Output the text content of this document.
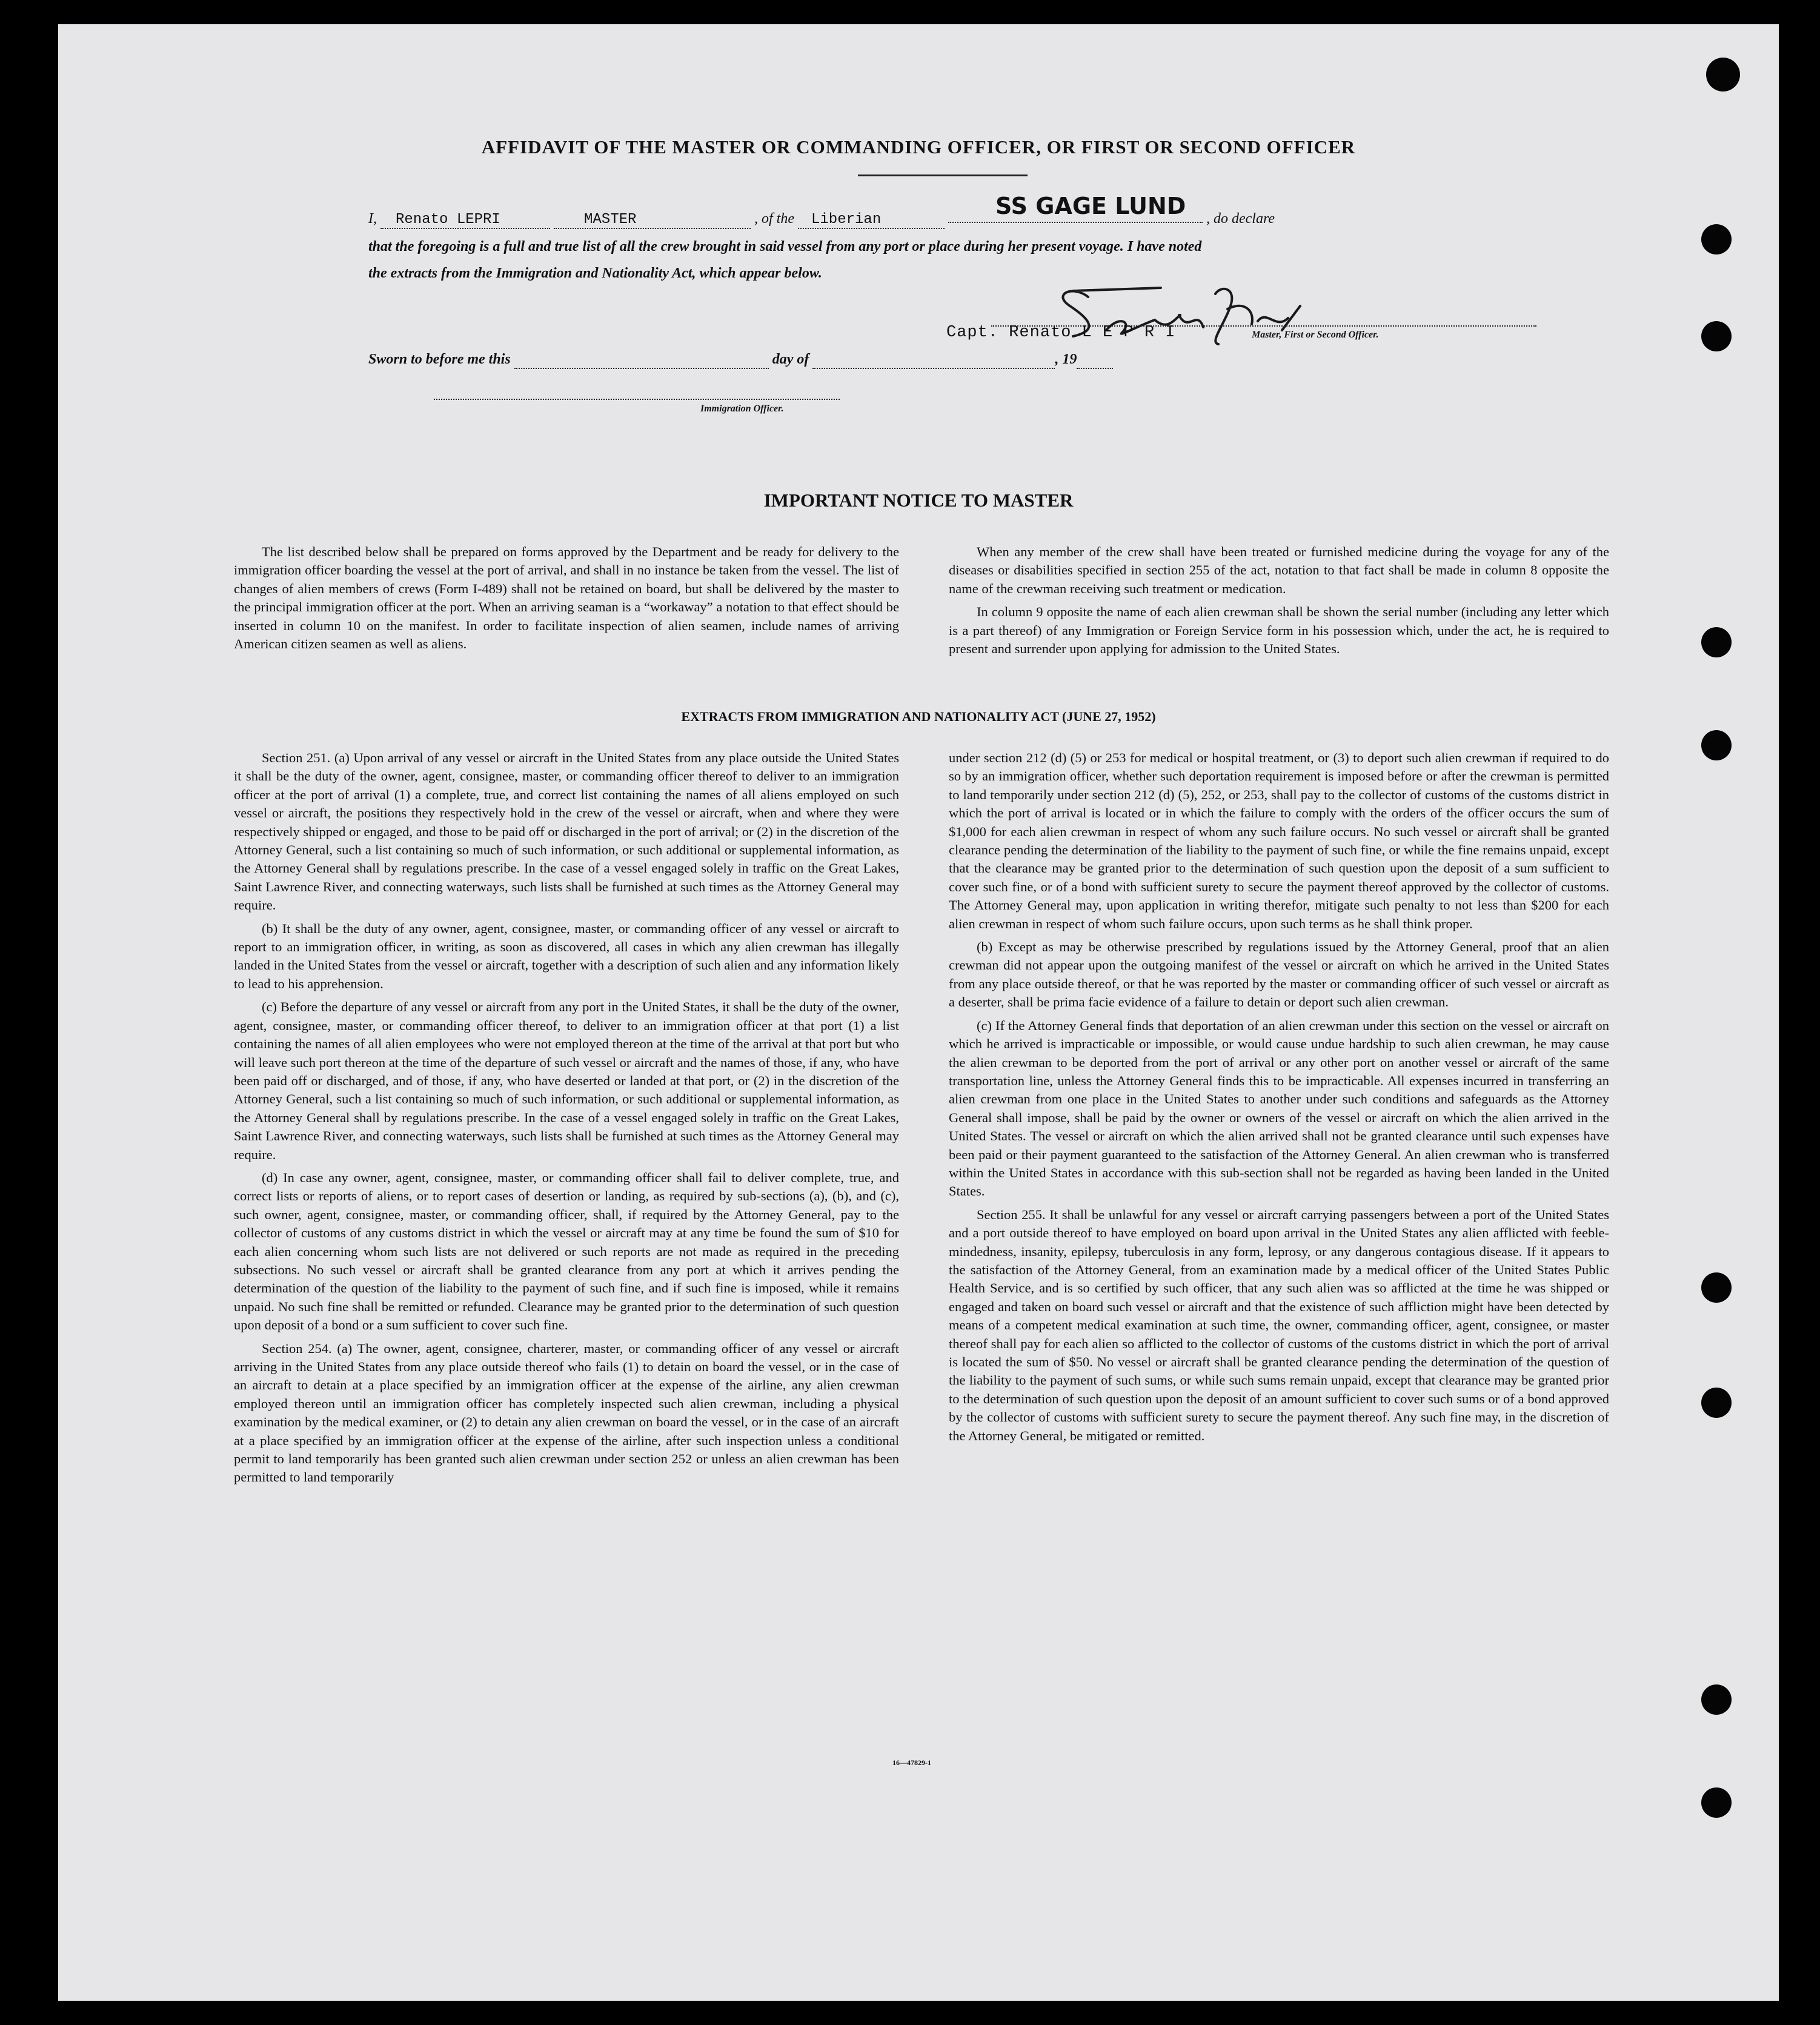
AFFIDAVIT OF THE MASTER OR COMMANDING OFFICER, OR FIRST OR SECOND OFFICER
I, Renato LEPRI	MASTER	, of the Liberian
SS GAGE LUND , do declare
that the foregoing is a full and true list of all the crew brought in said vessel from any port or place during her present voyage. I have noted
the extracts from the Immigration and Nationality Act, which appear below.
Capt. Renato L E P R I	Master, First or Second Officer.
Sworn to before me this	day of	, 19
Immigration Officer.
IMPORTANT NOTICE TO MASTER

The list described below shall be prepared on forms approved by the Department and be ready for delivery to the immigration officer boarding the vessel at the port of arrival, and shall in no instance be taken from the vessel. The list of changes of alien members of crews (Form I-489) shall not be retained on board, but shall be delivered by the master to the principal immigration officer at the port. When an arriving seaman is a “workaway” a notation to that effect should be inserted in column 10 on the manifest. In order to facilitate inspection of alien seamen, include names of arriving American citizen seamen as well as aliens.

When any member of the crew shall have been treated or furnished medicine during the voyage for any of the diseases or disabilities specified in section 255 of the act, notation to that fact shall be made in column 8 opposite the name of the crewman receiving such treatment or medication.

In column 9 opposite the name of each alien crewman shall be shown the serial number (including any letter which is a part thereof) of any Immigration or Foreign Service form in his possession which, under the act, he is required to present and surrender upon applying for admission to the United States.

EXTRACTS FROM IMMIGRATION AND NATIONALITY ACT (JUNE 27, 1952)

Section 251. (a) Upon arrival of any vessel or aircraft in the United States from any place outside the United States it shall be the duty of the owner, agent, consignee, master, or commanding officer thereof to deliver to an immigration officer at the port of arrival (1) a complete, true, and correct list containing the names of all aliens employed on such vessel or aircraft, the positions they respectively hold in the crew of the vessel or aircraft, when and where they were respectively shipped or engaged, and those to be paid off or discharged in the port of arrival; or (2) in the discretion of the Attorney General, such a list containing so much of such information, or such additional or supplemental information, as the Attorney General shall by regulations prescribe. In the case of a vessel engaged solely in traffic on the Great Lakes, Saint Lawrence River, and connecting waterways, such lists shall be furnished at such times as the Attorney General may require.

(b) It shall be the duty of any owner, agent, consignee, master, or commanding officer of any vessel or aircraft to report to an immigration officer, in writing, as soon as discovered, all cases in which any alien crewman has illegally landed in the United States from the vessel or aircraft, together with a description of such alien and any information likely to lead to his apprehension.

(c) Before the departure of any vessel or aircraft from any port in the United States, it shall be the duty of the owner, agent, consignee, master, or commanding officer thereof, to deliver to an immigration officer at that port (1) a list containing the names of all alien employees who were not employed thereon at the time of the arrival at that port but who will leave such port thereon at the time of the departure of such vessel or aircraft and the names of those, if any, who have been paid off or discharged, and of those, if any, who have deserted or landed at that port, or (2) in the discretion of the Attorney General, such a list containing so much of such information, or such additional or supplemental information, as the Attorney General shall by regulations prescribe. In the case of a vessel engaged solely in traffic on the Great Lakes, Saint Lawrence River, and connecting waterways, such lists shall be furnished at such times as the Attorney General may require.

(d) In case any owner, agent, consignee, master, or commanding officer shall fail to deliver complete, true, and correct lists or reports of aliens, or to report cases of desertion or landing, as required by sub-sections (a), (b), and (c), such owner, agent, consignee, master, or commanding officer, shall, if required by the Attorney General, pay to the collector of customs of any customs district in which the vessel or aircraft may at any time be found the sum of $10 for each alien concerning whom such lists are not delivered or such reports are not made as required in the preceding subsections. No such vessel or aircraft shall be granted clearance from any port at which it arrives pending the determination of the question of the liability to the payment of such fine, and if such fine is imposed, while it remains unpaid. No such fine shall be remitted or refunded. Clearance may be granted prior to the determination of such question upon deposit of a bond or a sum sufficient to cover such fine.

Section 254. (a) The owner, agent, consignee, charterer, master, or commanding officer of any vessel or aircraft arriving in the United States from any place outside thereof who fails (1) to detain on board the vessel, or in the case of an aircraft to detain at a place specified by an immigration officer at the expense of the airline, any alien crewman employed thereon until an immigration officer has completely inspected such alien crewman, including a physical examination by the medical examiner, or (2) to detain any alien crewman on board the vessel, or in the case of an aircraft at a place specified by an immigration officer at the expense of the airline, after such inspection unless a conditional permit to land temporarily has been granted such alien crewman under section 252 or unless an alien crewman has been permitted to land temporarily

under section 212 (d) (5) or 253 for medical or hospital treatment, or (3) to deport such alien crewman if required to do so by an immigration officer, whether such deportation requirement is imposed before or after the crewman is permitted to land temporarily under section 212 (d) (5), 252, or 253, shall pay to the collector of customs of the customs district in which the port of arrival is located or in which the failure to comply with the orders of the officer occurs the sum of $1,000 for each alien crewman in respect of whom any such failure occurs. No such vessel or aircraft shall be granted clearance pending the determination of the liability to the payment of such fine, or while the fine remains unpaid, except that the clearance may be granted prior to the determination of such question upon the deposit of a sum sufficient to cover such fine, or of a bond with sufficient surety to secure the payment thereof approved by the collector of customs. The Attorney General may, upon application in writing therefor, mitigate such penalty to not less than $200 for each alien crewman in respect of whom such failure occurs, upon such terms as he shall think proper.

(b) Except as may be otherwise prescribed by regulations issued by the Attorney General, proof that an alien crewman did not appear upon the outgoing manifest of the vessel or aircraft on which he arrived in the United States from any place outside thereof, or that he was reported by the master or commanding officer of such vessel or aircraft as a deserter, shall be prima facie evidence of a failure to detain or deport such alien crewman.

(c) If the Attorney General finds that deportation of an alien crewman under this section on the vessel or aircraft on which he arrived is impracticable or impossible, or would cause undue hardship to such alien crewman, he may cause the alien crewman to be deported from the port of arrival or any other port on another vessel or aircraft of the same transportation line, unless the Attorney General finds this to be impracticable. All expenses incurred in transferring an alien crewman from one place in the United States to another under such conditions and safeguards as the Attorney General shall impose, shall be paid by the owner or owners of the vessel or aircraft on which the alien arrived in the United States. The vessel or aircraft on which the alien arrived shall not be granted clearance until such expenses have been paid or their payment guaranteed to the satisfaction of the Attorney General. An alien crewman who is transferred within the United States in accordance with this sub-section shall not be regarded as having been landed in the United States.

Section 255. It shall be unlawful for any vessel or aircraft carrying passengers between a port of the United States and a port outside thereof to have employed on board upon arrival in the United States any alien afflicted with feeble-mindedness, insanity, epilepsy, tuberculosis in any form, leprosy, or any dangerous contagious disease. If it appears to the satisfaction of the Attorney General, from an examination made by a medical officer of the United States Public Health Service, and is so certified by such officer, that any such alien was so afflicted at the time he was shipped or engaged and taken on board such vessel or aircraft and that the existence of such affliction might have been detected by means of a competent medical examination at such time, the owner, commanding officer, agent, consignee, or master thereof shall pay for each alien so afflicted to the collector of customs of the customs district in which the port of arrival is located the sum of $50. No vessel or aircraft shall be granted clearance pending the determination of the question of the liability to the payment of such sums, or while such sums remain unpaid, except that clearance may be granted prior to the determination of such question upon the deposit of an amount sufficient to cover such sums or of a bond approved by the collector of customs with sufficient surety to secure the payment thereof. Any such fine may, in the discretion of the Attorney General, be mitigated or remitted.

16—47829-1
